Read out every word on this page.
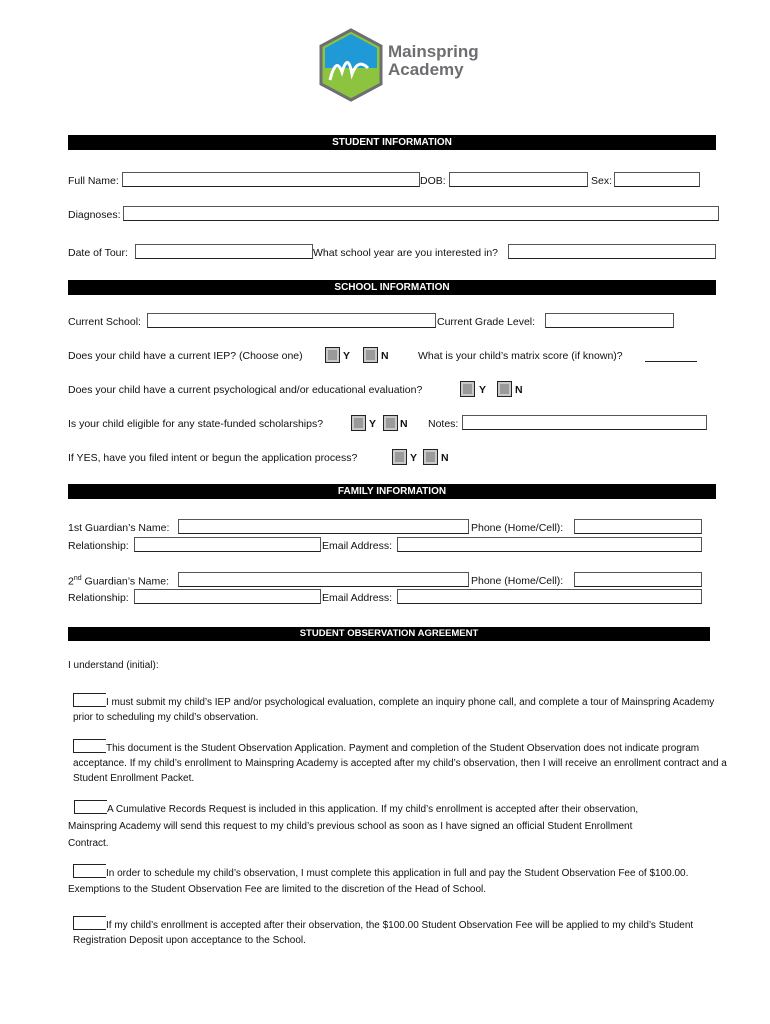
Mainspring
Academy
STUDENT INFORMATION
Full Name:	DOB:	Sex:
Diagnoses:
Date of Tour:	What school year are you interested in?
SCHOOL INFORMATION
Current School:	Current Grade Level:
Does your child have a current IEP? (Choose one)	Y	N	What is your child’s matrix score (if known)?
Does your child have a current psychological and/or educational evaluation?	Y	N
Is your child eligible for any state-funded scholarships?	Y N Notes:
If YES, have you filed intent or begun the application process?	Y N
FAMILY INFORMATION
1st Guardian’s Name:	Phone (Home/Cell):
Relationship:	Email Address:
2nd Guardian’s Name:	Phone (Home/Cell):
Relationship:	Email Address:
STUDENT OBSERVATION AGREEMENT
I understand (initial):
I must submit my child’s IEP and/or psychological evaluation, complete an inquiry phone call, and complete a tour of Mainspring Academy prior to scheduling my child’s observation.
This document is the Student Observation Application. Payment and completion of the Student Observation does not indicate program acceptance. If my child’s enrollment to Mainspring Academy is accepted after my child’s observation, then I will receive an enrollment contract and a Student Enrollment Packet.
A Cumulative Records Request is included in this application. If my child’s enrollment is accepted after their observation, Mainspring Academy will send this request to my child’s previous school as soon as I have signed an official Student Enrollment Contract.
In order to schedule my child’s observation, I must complete this application in full and pay the Student Observation Fee of $100.00. Exemptions to the Student Observation Fee are limited to the discretion of the Head of School.
If my child’s enrollment is accepted after their observation, the $100.00 Student Observation Fee will be applied to my child’s Student Registration Deposit upon acceptance to the School.
